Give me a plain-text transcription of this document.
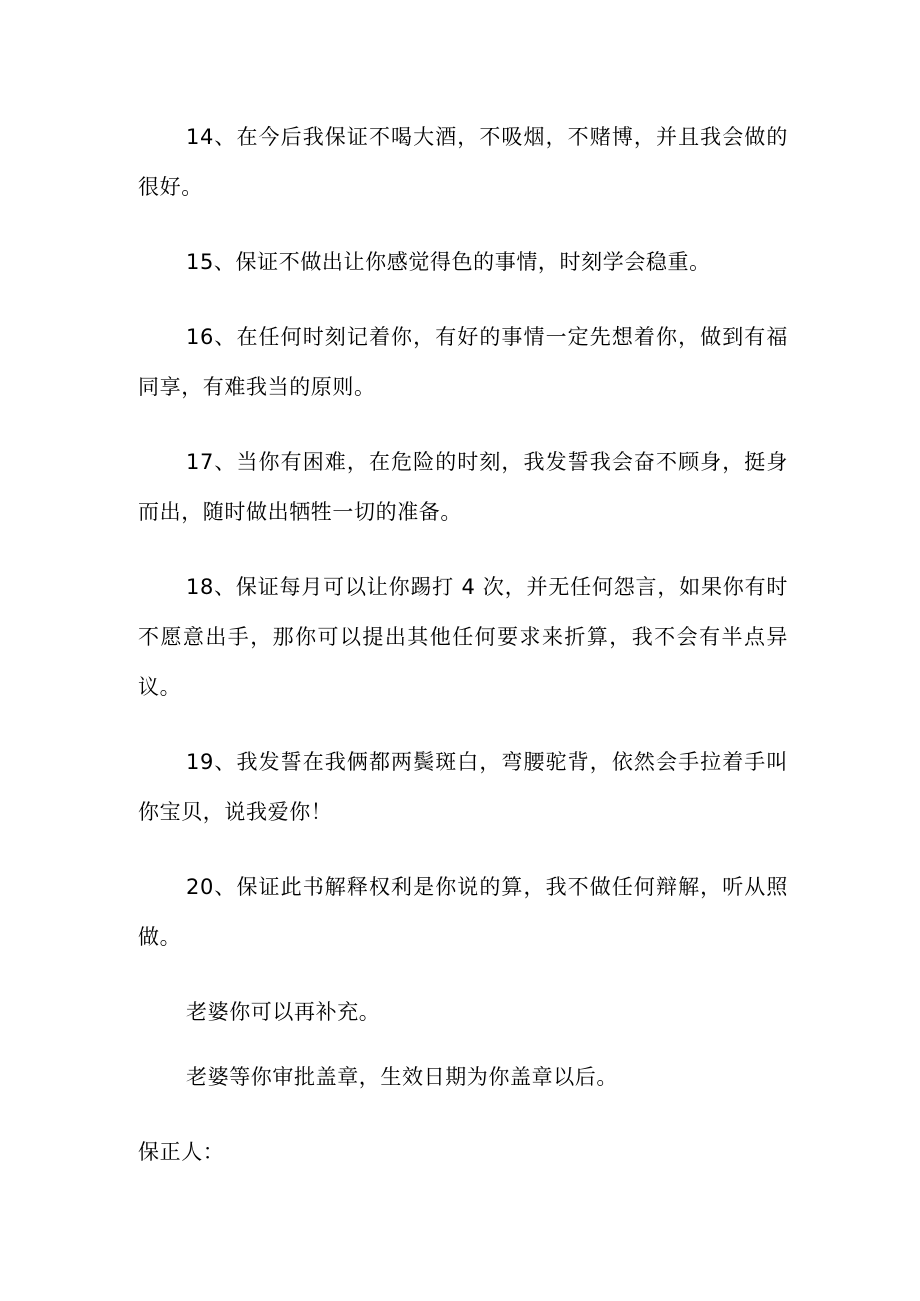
14、在今后我保证不喝大酒，不吸烟，不赌博，并且我会做的很好。

15、保证不做出让你感觉得色的事情，时刻学会稳重。

16、在任何时刻记着你，有好的事情一定先想着你，做到有福同享，有难我当的原则。

17、当你有困难，在危险的时刻，我发誓我会奋不顾身，挺身而出，随时做出牺牲一切的准备。

18、保证每月可以让你踢打 4 次，并无任何怨言，如果你有时不愿意出手，那你可以提出其他任何要求来折算，我不会有半点异议。

19、我发誓在我俩都两鬓斑白，弯腰驼背，依然会手拉着手叫你宝贝，说我爱你！

20、保证此书解释权利是你说的算，我不做任何辩解，听从照做。

老婆你可以再补充。

老婆等你审批盖章，生效日期为你盖章以后。

保正人：
